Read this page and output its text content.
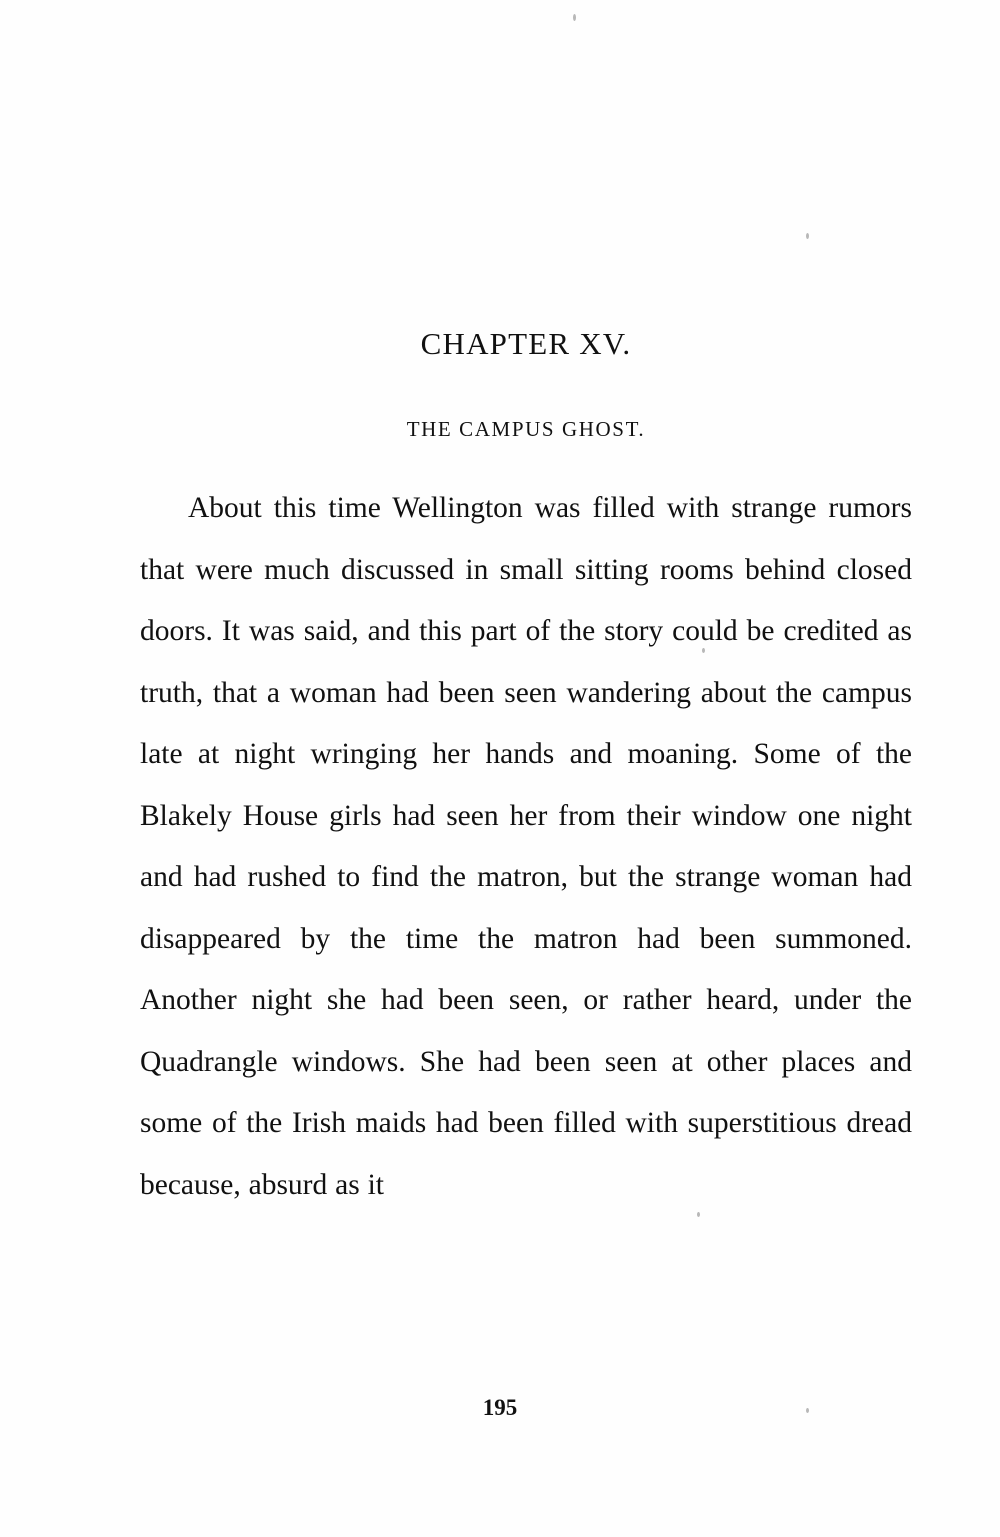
CHAPTER XV.
THE CAMPUS GHOST.

About this time Wellington was filled with strange rumors that were much discussed in small sitting rooms behind closed doors. It was said, and this part of the story could be credited as truth, that a woman had been seen wandering about the campus late at night wringing her hands and moaning. Some of the Blakely House girls had seen her from their window one night and had rushed to find the matron, but the strange woman had disappeared by the time the matron had been summoned. Another night she had been seen, or rather heard, under the Quadrangle windows. She had been seen at other places and some of the Irish maids had been filled with superstitious dread because, absurd as it

195
